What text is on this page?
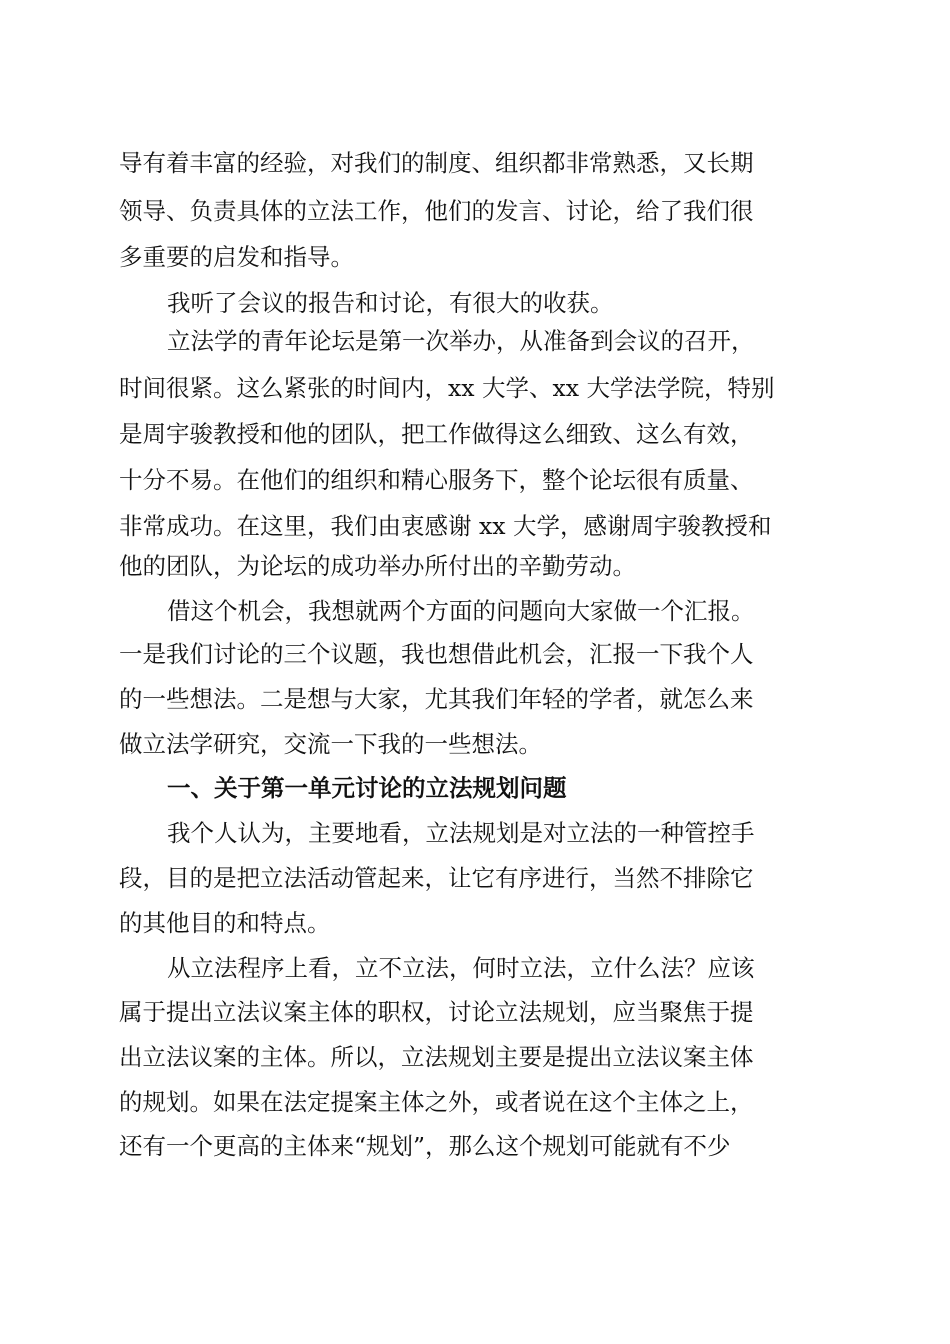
导有着丰富的经验，对我们的制度、组织都非常熟悉，又长期

领导、负责具体的立法工作，他们的发言、讨论，给了我们很

多重要的启发和指导。

我听了会议的报告和讨论，有很大的收获。

立法学的青年论坛是第一次举办，从准备到会议的召开，

时间很紧。这么紧张的时间内，xx 大学、xx 大学法学院，特别

是周宇骏教授和他的团队，把工作做得这么细致、这么有效，

十分不易。在他们的组织和精心服务下，整个论坛很有质量、

非常成功。在这里，我们由衷感谢 xx 大学，感谢周宇骏教授和

他的团队，为论坛的成功举办所付出的辛勤劳动。

借这个机会，我想就两个方面的问题向大家做一个汇报。

一是我们讨论的三个议题，我也想借此机会，汇报一下我个人

的一些想法。二是想与大家，尤其我们年轻的学者，就怎么来

做立法学研究，交流一下我的一些想法。

一、关于第一单元讨论的立法规划问题

我个人认为，主要地看，立法规划是对立法的一种管控手

段，目的是把立法活动管起来，让它有序进行，当然不排除它

的其他目的和特点。

从立法程序上看，立不立法，何时立法，立什么法？应该

属于提出立法议案主体的职权，讨论立法规划，应当聚焦于提

出立法议案的主体。所以，立法规划主要是提出立法议案主体

的规划。如果在法定提案主体之外，或者说在这个主体之上，

还有一个更高的主体来“规划”，那么这个规划可能就有不少
